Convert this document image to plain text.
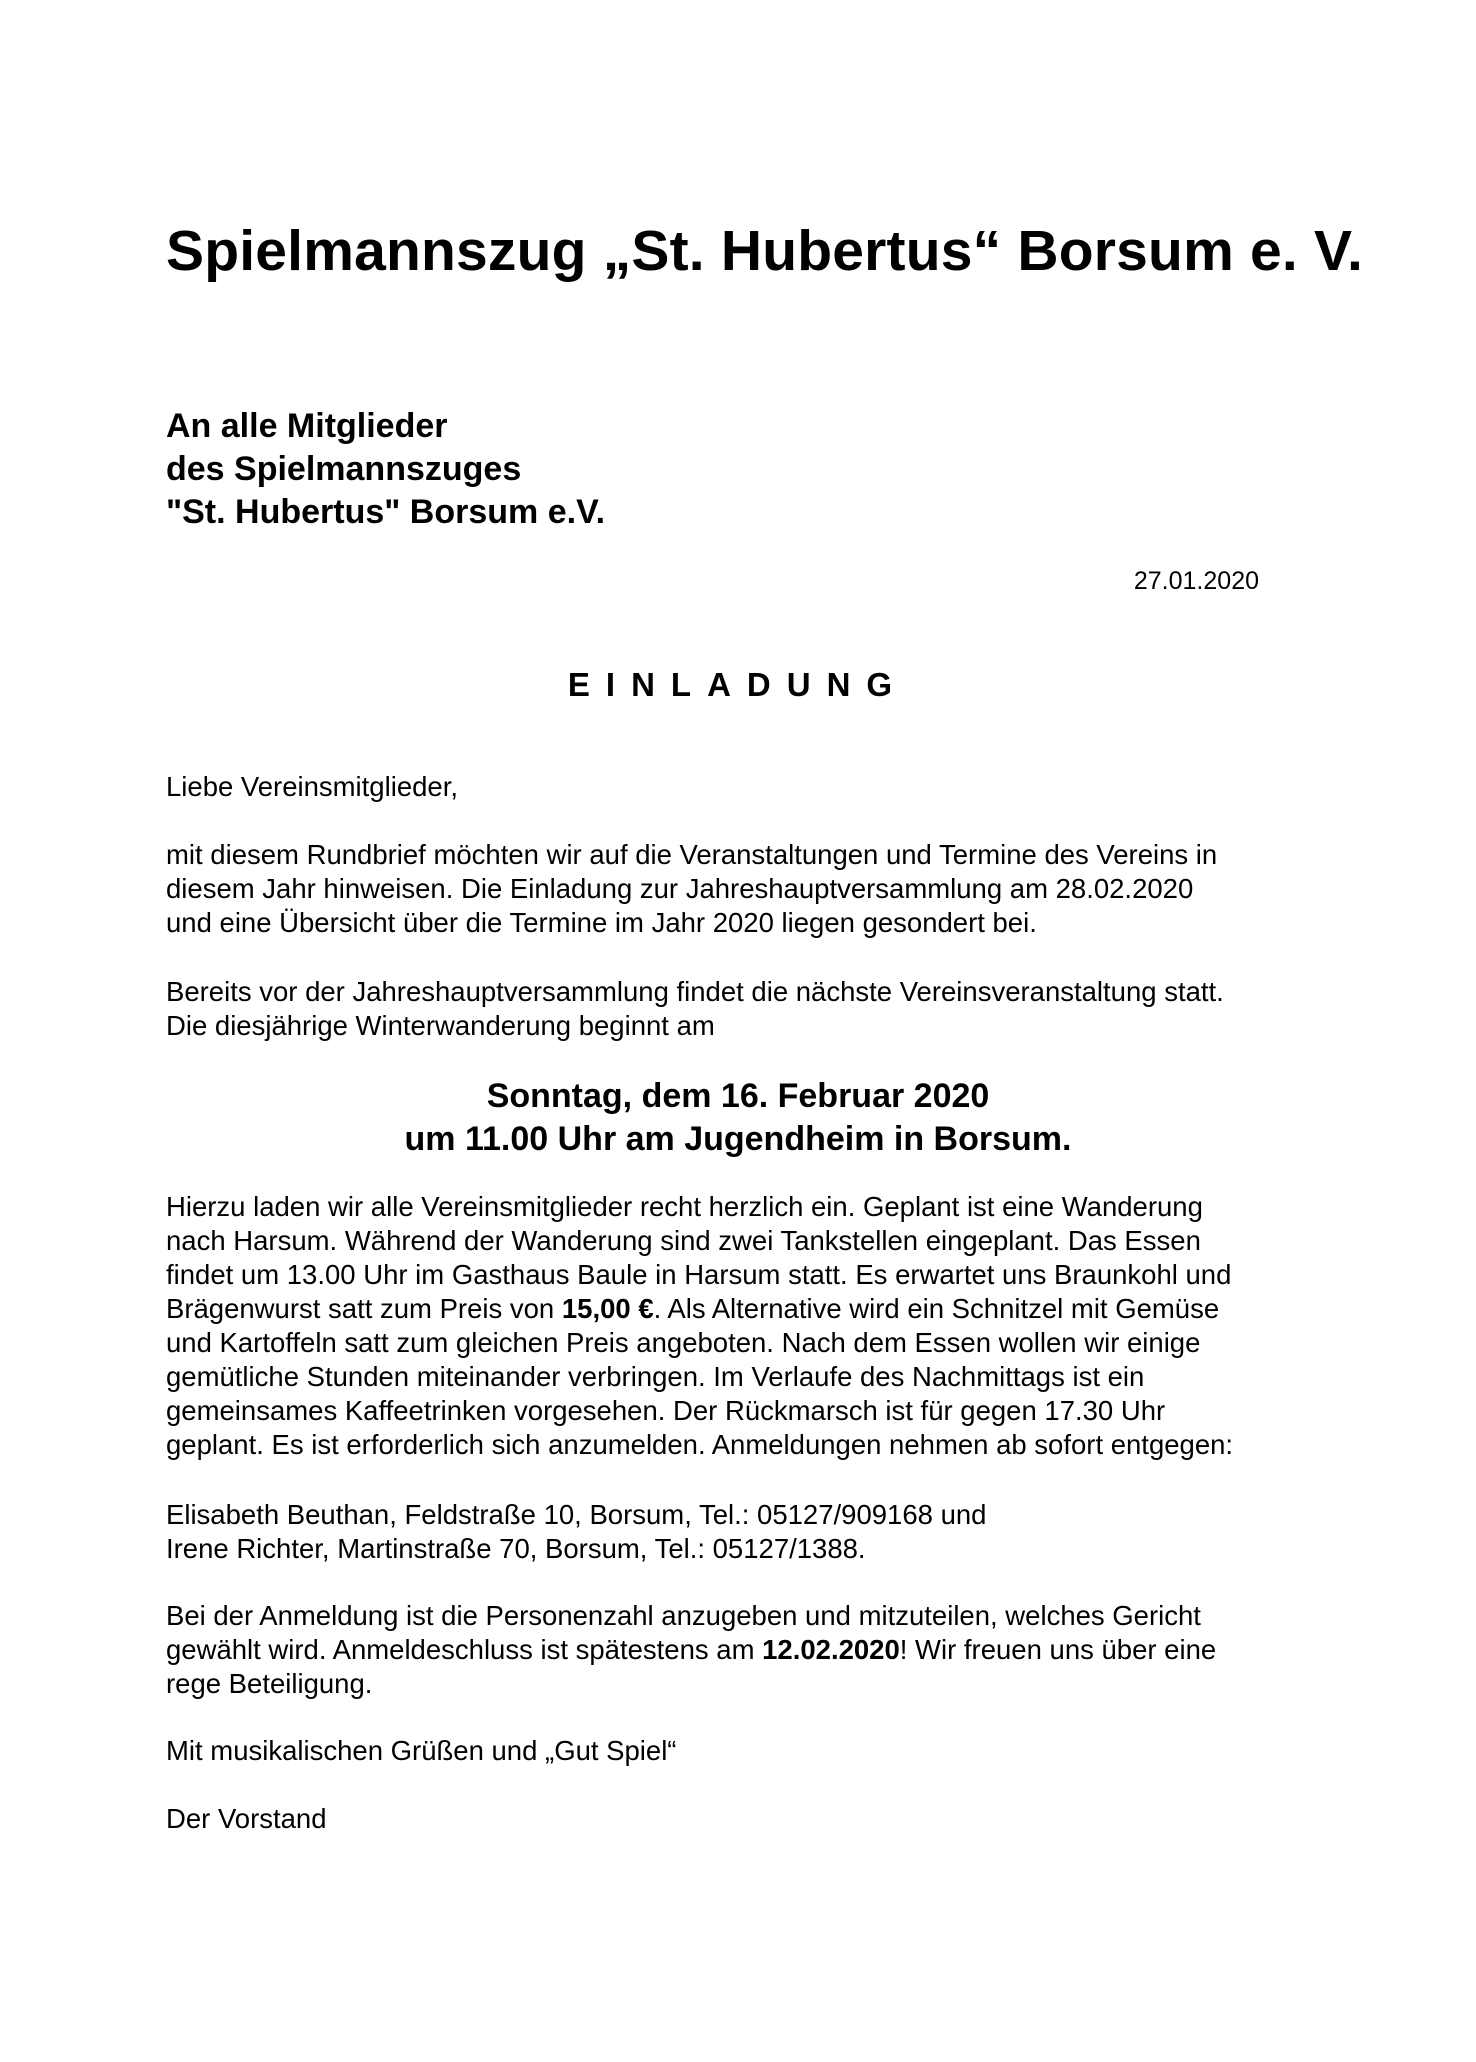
Spielmannszug „St. Hubertus“ Borsum e. V.
An alle Mitglieder
des Spielmannszuges
"St. Hubertus" Borsum e.V.
27.01.2020
EINLADUNG
Liebe Vereinsmitglieder,
mit diesem Rundbrief möchten wir auf die Veranstaltungen und Termine des Vereins in
diesem Jahr hinweisen. Die Einladung zur Jahreshauptversammlung am 28.02.2020
und eine Übersicht über die Termine im Jahr 2020 liegen gesondert bei.
Bereits vor der Jahreshauptversammlung findet die nächste Vereinsveranstaltung statt.
Die diesjährige Winterwanderung beginnt am
Sonntag, dem 16. Februar 2020
um 11.00 Uhr am Jugendheim in Borsum.
Hierzu laden wir alle Vereinsmitglieder recht herzlich ein. Geplant ist eine Wanderung
nach Harsum. Während der Wanderung sind zwei Tankstellen eingeplant. Das Essen
findet um 13.00 Uhr im Gasthaus Baule in Harsum statt. Es erwartet uns Braunkohl und
Brägenwurst satt zum Preis von 15,00 €. Als Alternative wird ein Schnitzel mit Gemüse
und Kartoffeln satt zum gleichen Preis angeboten. Nach dem Essen wollen wir einige
gemütliche Stunden miteinander verbringen. Im Verlaufe des Nachmittags ist ein
gemeinsames Kaffeetrinken vorgesehen. Der Rückmarsch ist für gegen 17.30 Uhr
geplant. Es ist erforderlich sich anzumelden. Anmeldungen nehmen ab sofort entgegen:
Elisabeth Beuthan, Feldstraße 10, Borsum, Tel.: 05127/909168 und
Irene Richter, Martinstraße 70, Borsum, Tel.: 05127/1388.
Bei der Anmeldung ist die Personenzahl anzugeben und mitzuteilen, welches Gericht
gewählt wird. Anmeldeschluss ist spätestens am 12.02.2020! Wir freuen uns über eine
rege Beteiligung.
Mit musikalischen Grüßen und „Gut Spiel“
Der Vorstand
